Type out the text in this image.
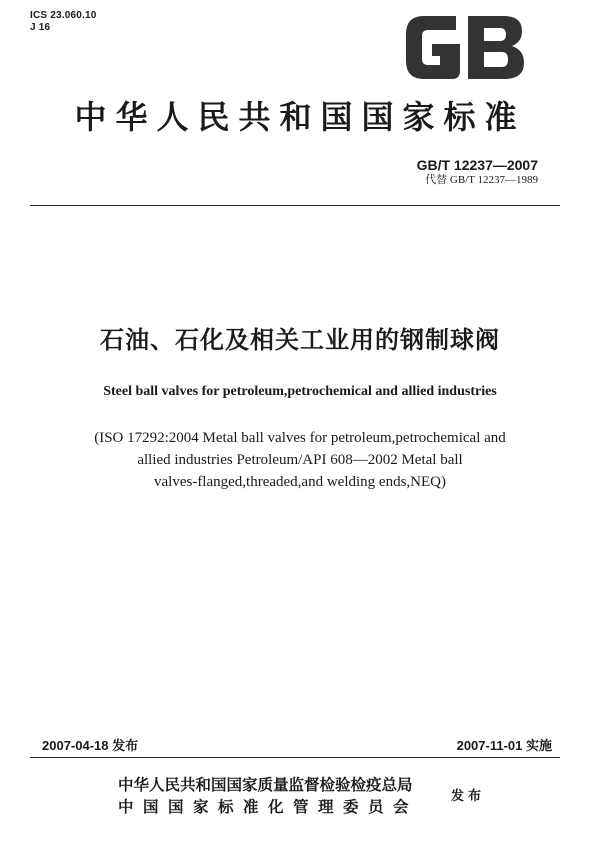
ICS 23.060.10
J 16
中华人民共和国国家标准
GB/T 12237—2007
代替 GB/T 12237—1989
石油、石化及相关工业用的钢制球阀
Steel ball valves for petroleum,petrochemical and allied industries
(ISO 17292:2004 Metal ball valves for petroleum,petrochemical and
allied industries Petroleum/API 608—2002 Metal ball
valves-flanged,threaded,and welding ends,NEQ)
2007-04-18 发布	2007-11-01 实施
中华人民共和国国家质量监督检验检疫总局
中国国家标准化管理委员会
发布
